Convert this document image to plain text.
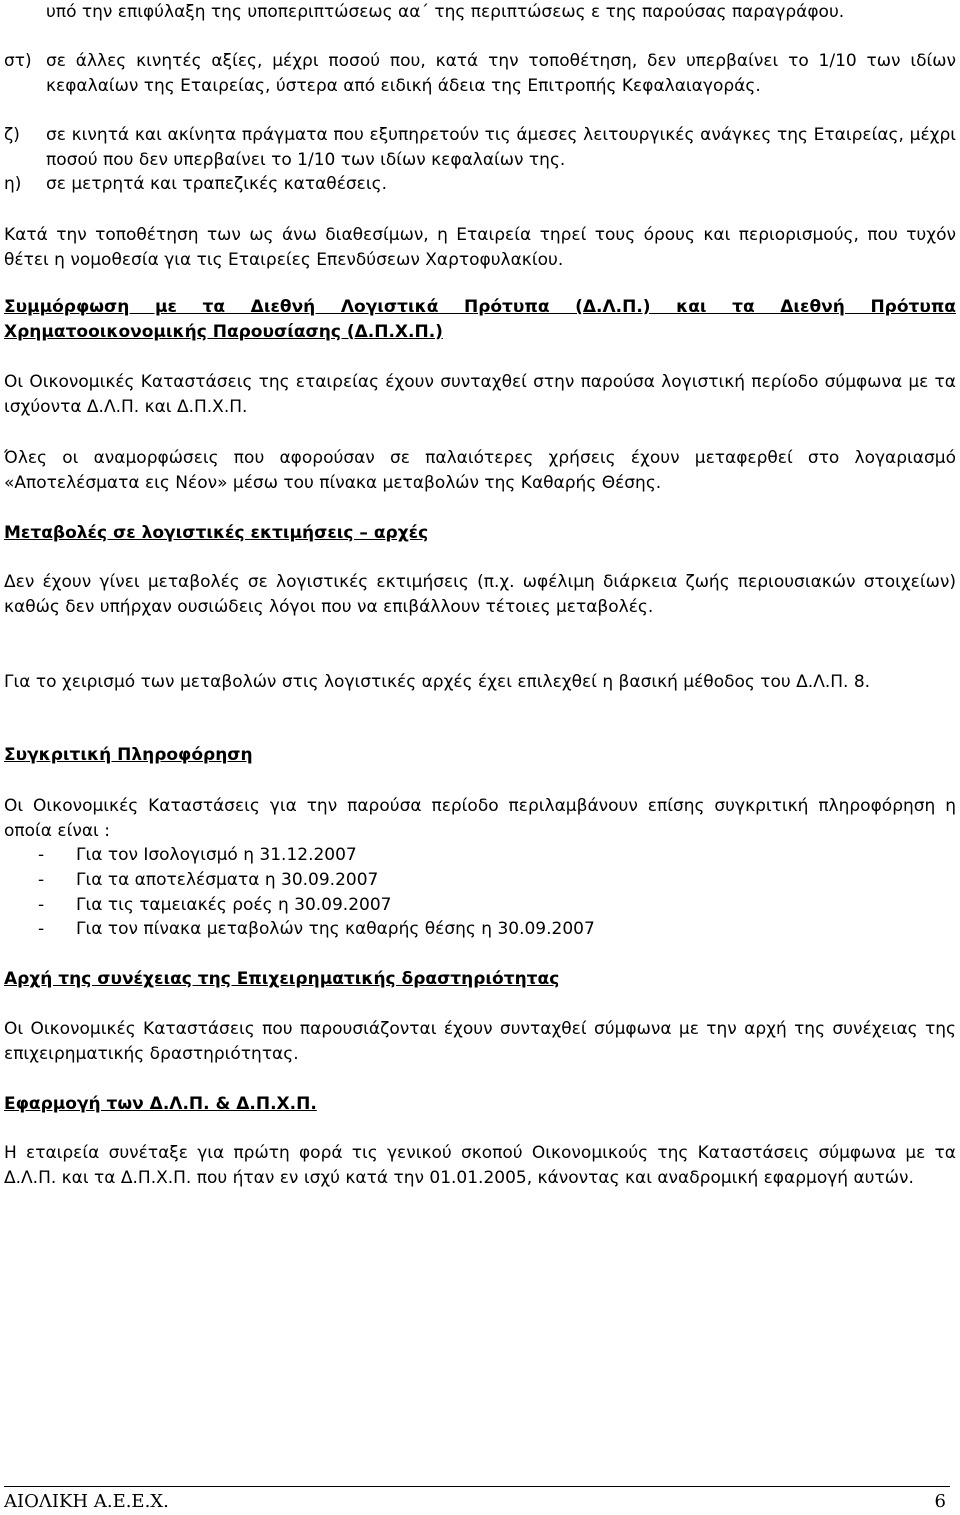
υπό την επιφύλαξη της υποπεριπτώσεως αα΄ της περιπτώσεως ε της παρούσας παραγράφου.
στ) σε άλλες κινητές αξίες, μέχρι ποσού που, κατά την τοποθέτηση, δεν υπερβαίνει το 1/10 των ιδίων κεφαλαίων της Εταιρείας, ύστερα από ειδική άδεια της Επιτροπής Κεφαλαιαγοράς.
ζ) σε κινητά και ακίνητα πράγματα που εξυπηρετούν τις άμεσες λειτουργικές ανάγκες της Εταιρείας, μέχρι ποσού που δεν υπερβαίνει το 1/10 των ιδίων κεφαλαίων της.
η) σε μετρητά και τραπεζικές καταθέσεις.

Κατά την τοποθέτηση των ως άνω διαθεσίμων, η Εταιρεία τηρεί τους όρους και περιορισμούς, που τυχόν θέτει η νομοθεσία για τις Εταιρείες Επενδύσεων Χαρτοφυλακίου.

Συμμόρφωση με τα Διεθνή Λογιστικά Πρότυπα (Δ.Λ.Π.) και τα Διεθνή Πρότυπα Χρηματοοικονομικής Παρουσίασης (Δ.Π.Χ.Π.)

Οι Οικονομικές Καταστάσεις της εταιρείας έχουν συνταχθεί στην παρούσα λογιστική περίοδο σύμφωνα με τα ισχύοντα Δ.Λ.Π. και Δ.Π.Χ.Π.

Όλες οι αναμορφώσεις που αφορούσαν σε παλαιότερες χρήσεις έχουν μεταφερθεί στο λογαριασμό «Αποτελέσματα εις Νέον» μέσω του πίνακα μεταβολών της Καθαρής Θέσης.

Μεταβολές σε λογιστικές εκτιμήσεις – αρχές

Δεν έχουν γίνει μεταβολές σε λογιστικές εκτιμήσεις (π.χ. ωφέλιμη διάρκεια ζωής περιουσιακών στοιχείων) καθώς δεν υπήρχαν ουσιώδεις λόγοι που να επιβάλλουν τέτοιες μεταβολές.

Για το χειρισμό των μεταβολών στις λογιστικές αρχές έχει επιλεχθεί η βασική μέθοδος του Δ.Λ.Π. 8.

Συγκριτική Πληροφόρηση

Οι Οικονομικές Καταστάσεις για την παρούσα περίοδο περιλαμβάνουν επίσης συγκριτική πληροφόρηση η οποία είναι :

- Για τον Ισολογισμό η 31.12.2007
- Για τα αποτελέσματα η 30.09.2007
- Για τις ταμειακές ροές η 30.09.2007
- Για τον πίνακα μεταβολών της καθαρής θέσης η 30.09.2007

Αρχή της συνέχειας της Επιχειρηματικής δραστηριότητας

Οι Οικονομικές Καταστάσεις που παρουσιάζονται έχουν συνταχθεί σύμφωνα με την αρχή της συνέχειας της επιχειρηματικής δραστηριότητας.

Εφαρμογή των Δ.Λ.Π. & Δ.Π.Χ.Π.

Η εταιρεία συνέταξε για πρώτη φορά τις γενικού σκοπού Οικονομικούς της Καταστάσεις σύμφωνα με τα Δ.Λ.Π. και τα Δ.Π.Χ.Π. που ήταν εν ισχύ κατά την 01.01.2005, κάνοντας και αναδρομική εφαρμογή αυτών.

ΑΙΟΛΙΚΗ Α.Ε.Ε.Χ.	6
